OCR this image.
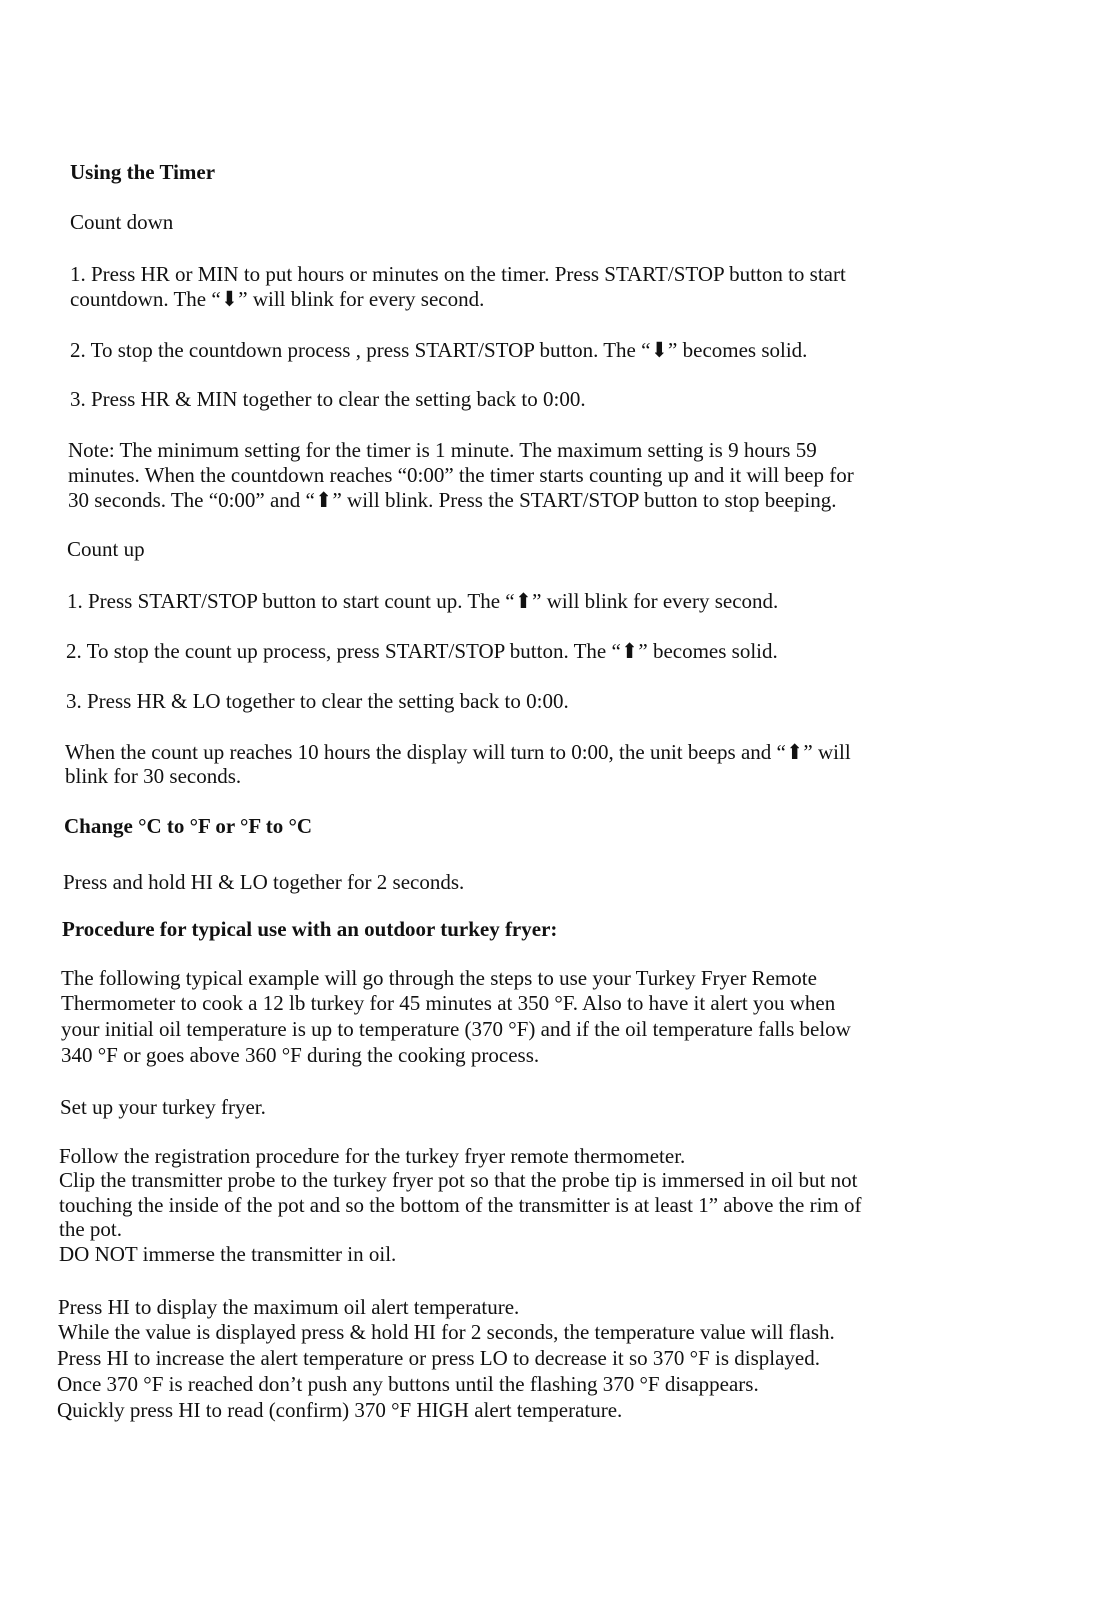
Using the Timer
Count down
1. Press HR or MIN to put hours or minutes on the timer. Press START/STOP button to start
countdown. The “⬇” will blink for every second.
2. To stop the countdown process , press START/STOP button. The “⬇” becomes solid.
3. Press HR & MIN together to clear the setting back to 0:00.
Note: The minimum setting for the timer is 1 minute. The maximum setting is 9 hours 59
minutes. When the countdown reaches “0:00” the timer starts counting up and it will beep for
30 seconds. The “0:00” and “⬆” will blink. Press the START/STOP button to stop beeping.
Count up
1. Press START/STOP button to start count up. The “⬆” will blink for every second.
2. To stop the count up process, press START/STOP button. The “⬆” becomes solid.
3. Press HR & LO together to clear the setting back to 0:00.
When the count up reaches 10 hours the display will turn to 0:00, the unit beeps and “⬆” will
blink for 30 seconds.
Change °C to °F or °F to °C
Press and hold HI & LO together for 2 seconds.
Procedure for typical use with an outdoor turkey fryer:
The following typical example will go through the steps to use your Turkey Fryer Remote
Thermometer to cook a 12 lb turkey for 45 minutes at 350 °F. Also to have it alert you when
your initial oil temperature is up to temperature (370 °F) and if the oil temperature falls below
340 °F or goes above 360 °F during the cooking process.
Set up your turkey fryer.
Follow the registration procedure for the turkey fryer remote thermometer.
Clip the transmitter probe to the turkey fryer pot so that the probe tip is immersed in oil but not
touching the inside of the pot and so the bottom of the transmitter is at least 1” above the rim of
the pot.
DO NOT immerse the transmitter in oil.
Press HI to display the maximum oil alert temperature.
While the value is displayed press & hold HI for 2 seconds, the temperature value will flash.
Press HI to increase the alert temperature or press LO to decrease it so 370 °F is displayed.
Once 370 °F is reached don’t push any buttons until the flashing 370 °F disappears.
Quickly press HI to read (confirm) 370 °F HIGH alert temperature.
